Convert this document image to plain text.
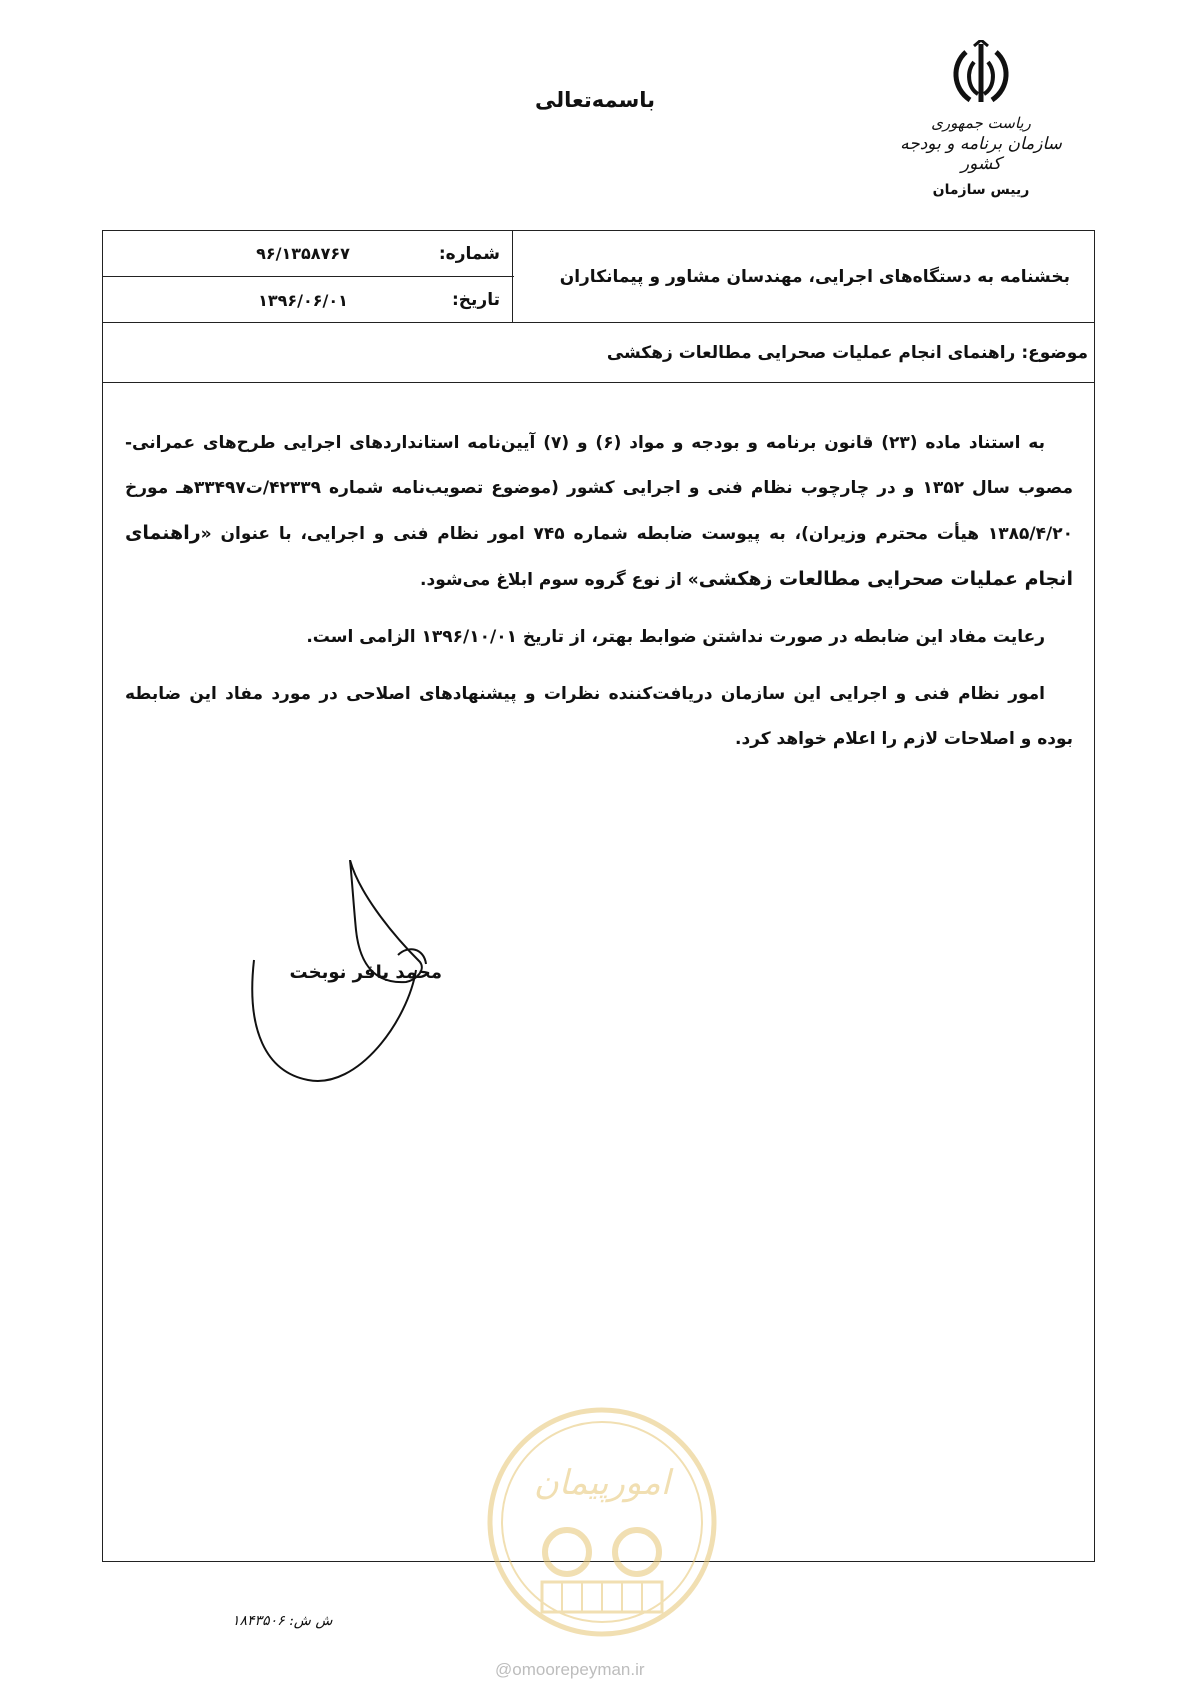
باسمه‌تعالی
ریاست جمهوری
سازمان برنامه و بودجه کشور
رییس سازمان
بخشنامه به دستگاه‌های اجرایی، مهندسان مشاور و پیمانکاران
۹۶/۱۳۵۸۷۶۷	شماره:
۱۳۹۶/۰۶/۰۱	تاریخ:
موضوع:
راهنمای انجام عملیات صحرایی مطالعات زهکشی

به استناد ماده (۲۳) قانون برنامه و بودجه و مواد (۶) و (۷) آیین‌نامه استانداردهای اجرایی طرح‌های عمرانی- مصوب سال ۱۳۵۲ و در چارچوب نظام فنی و اجرایی کشور (موضوع تصویب‌نامه شماره ۴۲۳۳۹/ت۳۳۴۹۷هـ مورخ ۱۳۸۵/۴/۲۰ هیأت محترم وزیران)، به پیوست ضابطه شماره ۷۴۵ امور نظام فنی و اجرایی، با عنوان «راهنمای انجام عملیات صحرایی مطالعات زهکشی» از نوع گروه سوم ابلاغ می‌شود.

رعایت مفاد این ضابطه در صورت نداشتن ضوابط بهتر، از تاریخ ۱۳۹۶/۱۰/۰۱ الزامی است.

امور نظام فنی و اجرایی این سازمان دریافت‌کننده نظرات و پیشنهادهای اصلاحی در مورد مفاد این ضابطه بوده و اصلاحات لازم را اعلام خواهد کرد.

محمد باقر نوبخت
امورپیمان
ش ش: ۱۸۴۳۵۰۶
@omoorepeyman.ir
